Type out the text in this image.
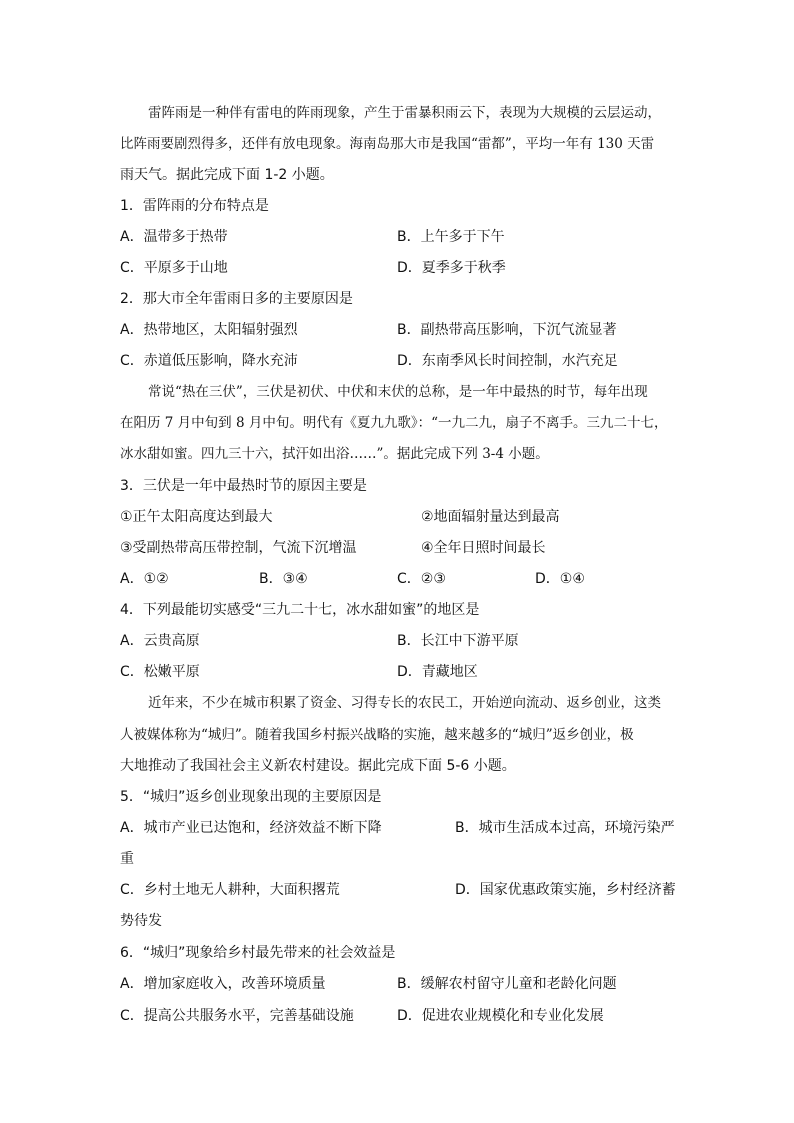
雷阵雨是一种伴有雷电的阵雨现象，产生于雷暴积雨云下，表现为大规模的云层运动，
比阵雨要剧烈得多，还伴有放电现象。海南岛那大市是我国“雷都”，平均一年有 130 天雷
雨天气。据此完成下面 1-2 小题。
1．雷阵雨的分布特点是
A．温带多于热带	B．上午多于下午
C．平原多于山地	D．夏季多于秋季
2．那大市全年雷雨日多的主要原因是
A．热带地区，太阳辐射强烈	B．副热带高压影响，下沉气流显著
C．赤道低压影响，降水充沛	D．东南季风长时间控制，水汽充足
常说“热在三伏”，三伏是初伏、中伏和末伏的总称，是一年中最热的时节，每年出现
在阳历 7 月中旬到 8 月中旬。明代有《夏九九歌》：“一九二九，扇子不离手。三九二十七，
冰水甜如蜜。四九三十六，拭汗如出浴……”。据此完成下列 3-4 小题。
3．三伏是一年中最热时节的原因主要是
①正午太阳高度达到最大	②地面辐射量达到最高
③受副热带高压带控制，气流下沉增温	④全年日照时间最长
A．①②	B．③④	C．②③	D．①④
4．下列最能切实感受“三九二十七，冰水甜如蜜”的地区是
A．云贵高原	B．长江中下游平原
C．松嫩平原	D．青藏地区
近年来，不少在城市积累了资金、习得专长的农民工，开始逆向流动、返乡创业，这类
人被媒体称为“城归”。随着我国乡村振兴战略的实施，越来越多的“城归”返乡创业，极
大地推动了我国社会主义新农村建设。据此完成下面 5-6 小题。
5．“城归”返乡创业现象出现的主要原因是
A．城市产业已达饱和，经济效益不断下降	B．城市生活成本过高，环境污染严
重
C．乡村土地无人耕种，大面积撂荒	D．国家优惠政策实施，乡村经济蓄
势待发
6．“城归”现象给乡村最先带来的社会效益是
A．增加家庭收入，改善环境质量	B．缓解农村留守儿童和老龄化问题
C．提高公共服务水平，完善基础设施	D．促进农业规模化和专业化发展
